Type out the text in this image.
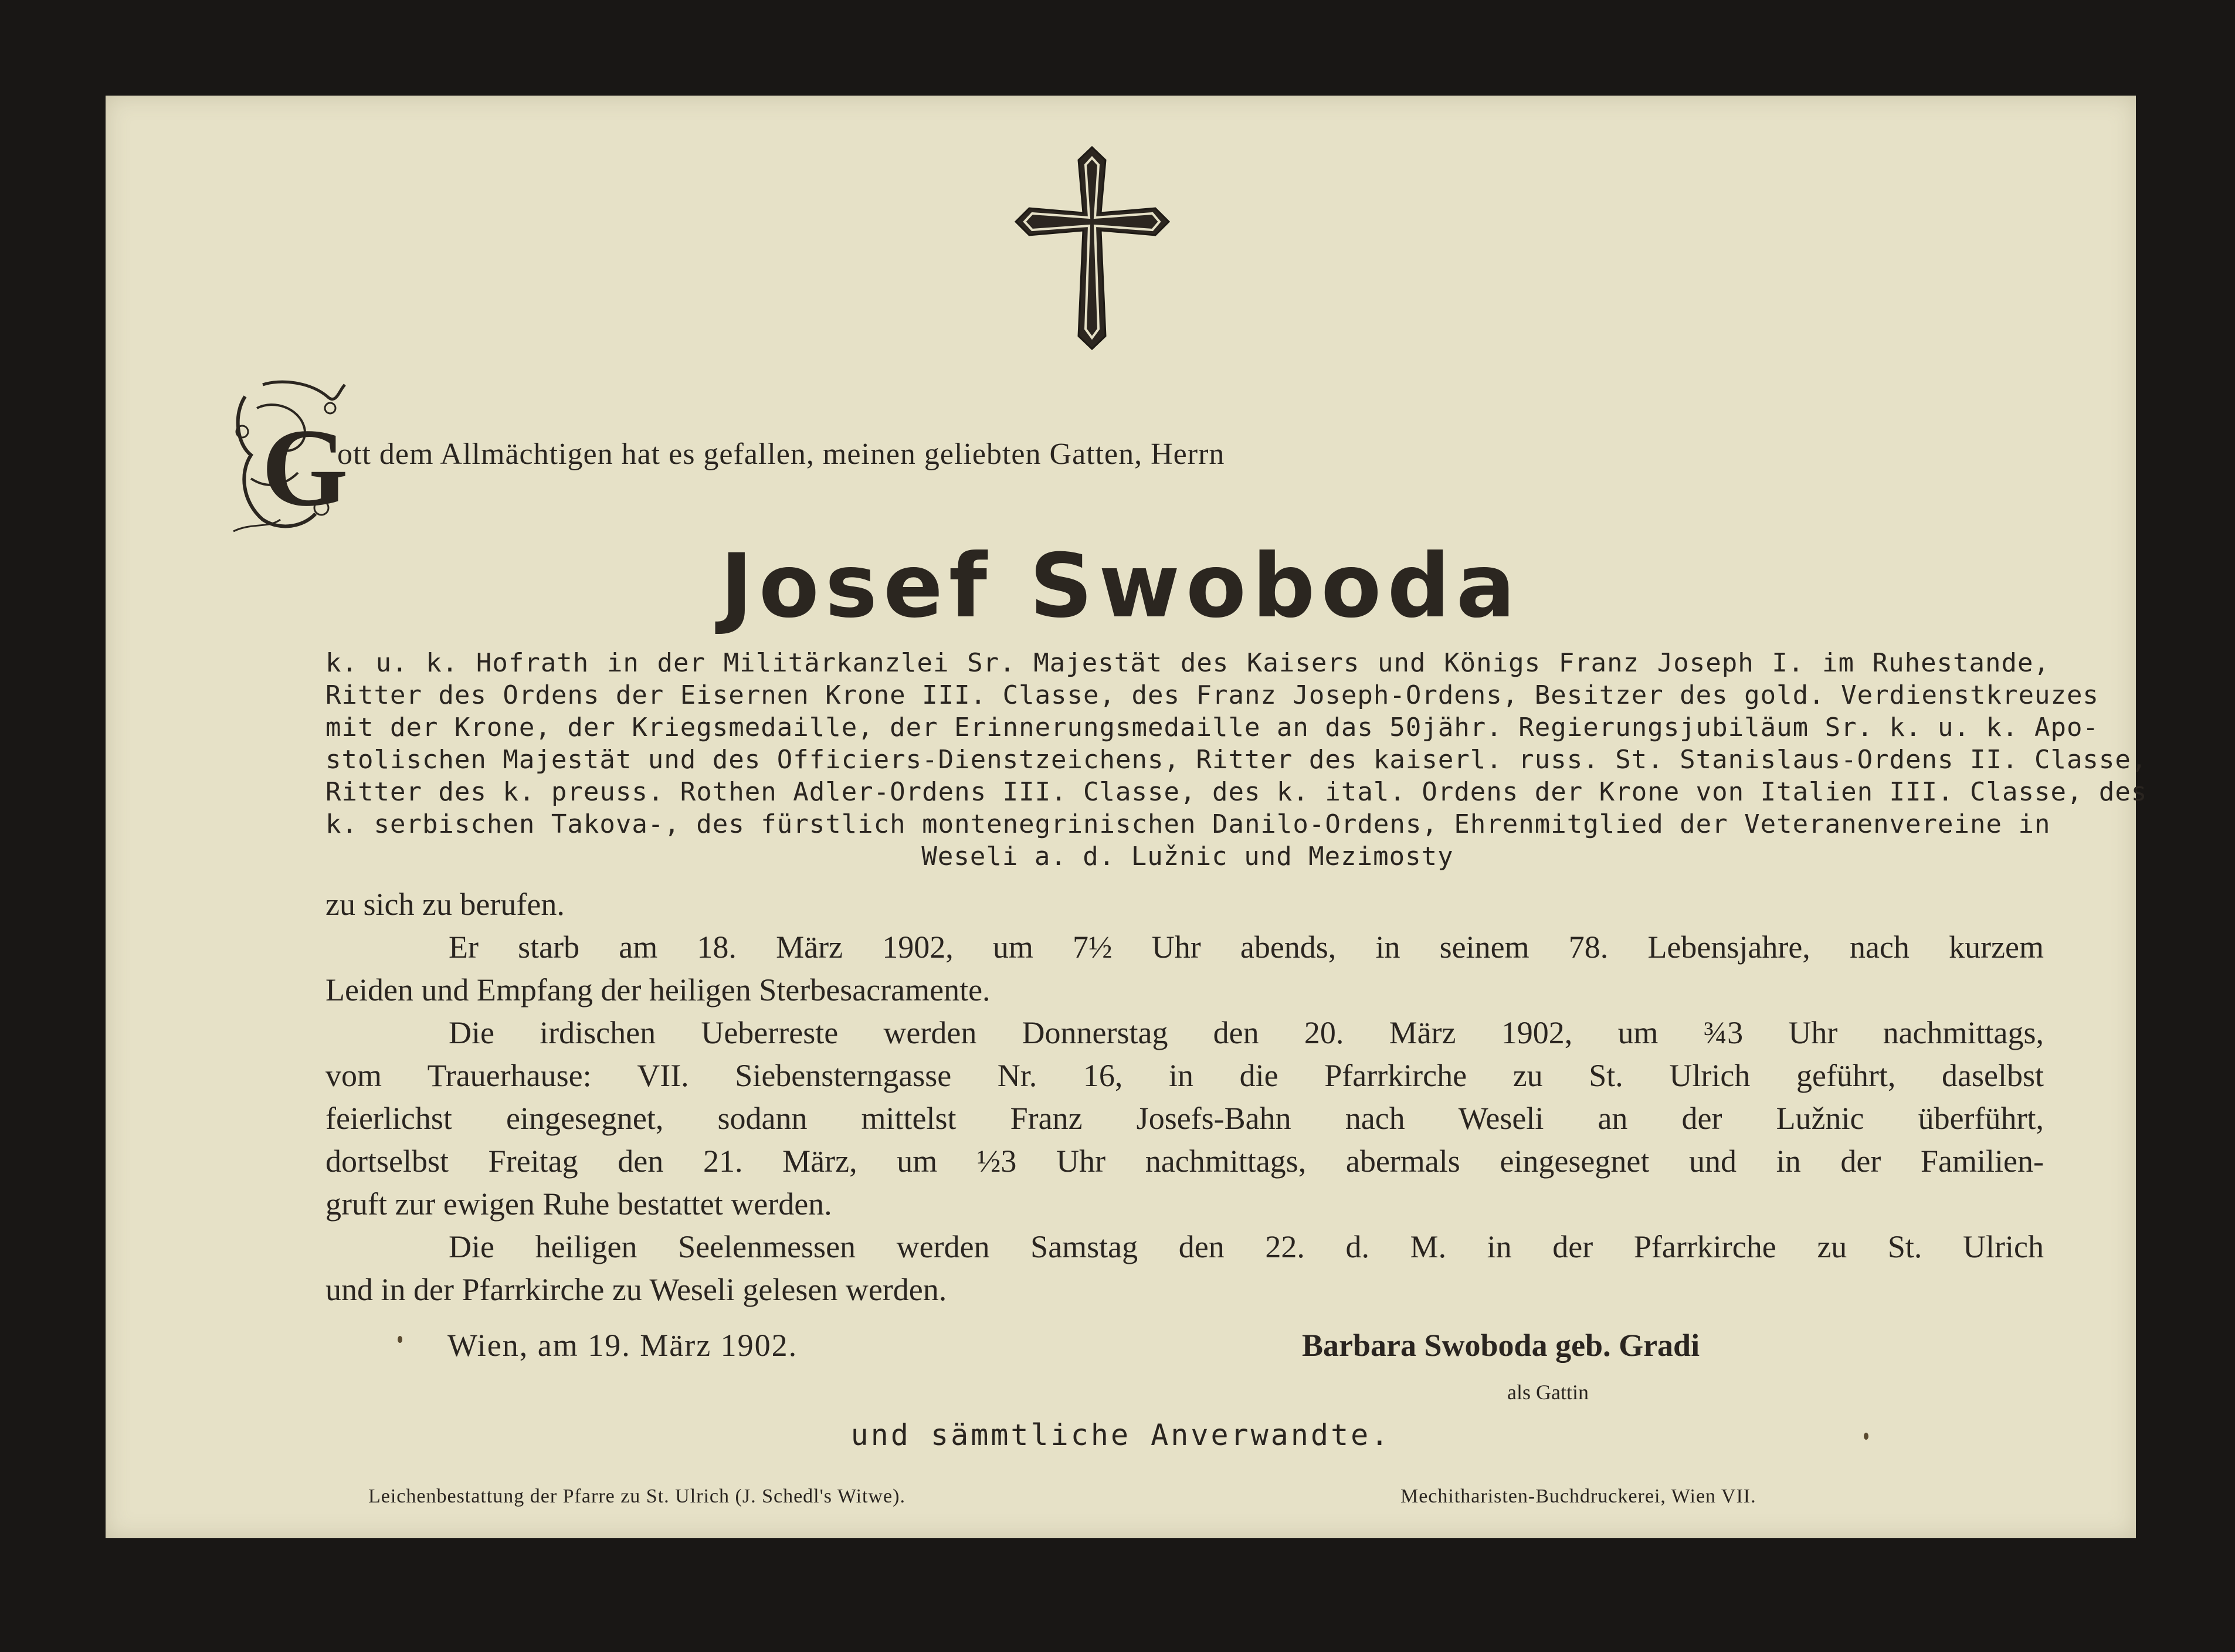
G

ott dem Allmächtigen hat es gefallen, meinen geliebten Gatten, Herrn

Josef Swoboda

k. u. k. Hofrath in der Militärkanzlei Sr. Majestät des Kaisers und Königs Franz Joseph I. im Ruhestande,
Ritter des Ordens der Eisernen Krone III. Classe, des Franz Joseph-Ordens, Besitzer des gold. Verdienstkreuzes
mit der Krone, der Kriegsmedaille, der Erinnerungsmedaille an das 50jähr. Regierungsjubiläum Sr. k. u. k. Apo-
stolischen Majestät und des Officiers-Dienstzeichens, Ritter des kaiserl. russ. St. Stanislaus-Ordens II. Classe,
Ritter des k. preuss. Rothen Adler-Ordens III. Classe, des k. ital. Ordens der Krone von Italien III. Classe, des
k. serbischen Takova-, des fürstlich montenegrinischen Danilo-Ordens, Ehrenmitglied der Veteranenvereine in
Weseli a. d. Lužnic und Mezimosty
zu sich zu berufen.
Er starb am 18. März 1902, um 7½ Uhr abends, in seinem 78. Lebensjahre, nach kurzem
Leiden und Empfang der heiligen Sterbesacramente.
Die irdischen Ueberreste werden Donnerstag den 20. März 1902, um ¾3 Uhr nachmittags,
vom Trauerhause: VII. Siebensterngasse Nr. 16, in die Pfarrkirche zu St. Ulrich geführt, daselbst
feierlichst eingesegnet, sodann mittelst Franz Josefs-Bahn nach Weseli an der Lužnic überführt,
dortselbst Freitag den 21. März, um ½3 Uhr nachmittags, abermals eingesegnet und in der Familien-
gruft zur ewigen Ruhe bestattet werden.
Die heiligen Seelenmessen werden Samstag den 22. d. M. in der Pfarrkirche zu St. Ulrich
und in der Pfarrkirche zu Weseli gelesen werden.

Wien, am 19. März 1902.	Barbara Swoboda geb. Gradi

als Gattin

und sämmtliche Anverwandte.

Leichenbestattung der Pfarre zu St. Ulrich (J. Schedl's Witwe).	Mechitharisten-Buchdruckerei, Wien VII.
